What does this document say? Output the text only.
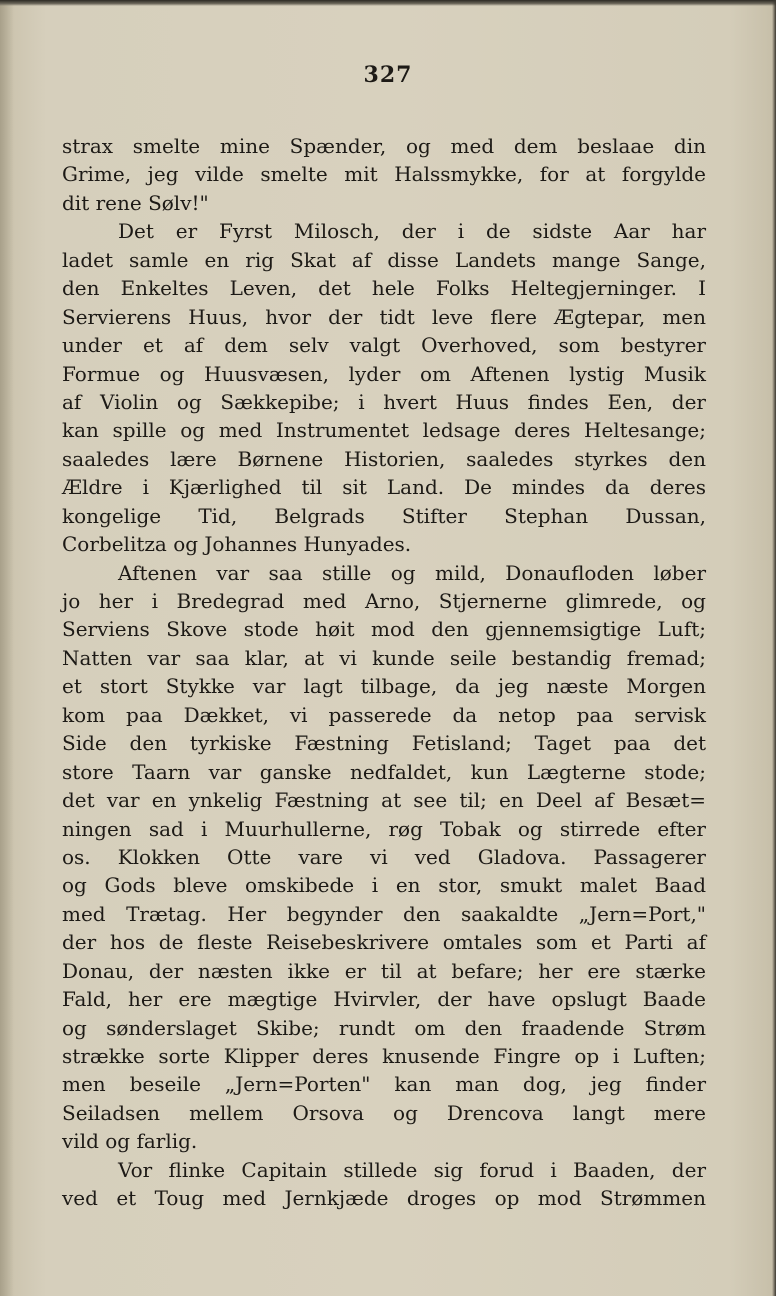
327
strax smelte mine Spænder, og med dem beslaae din
Grime, jeg vilde smelte mit Halssmykke, for at forgylde
dit rene Sølv!"
Det er Fyrst Milosch, der i de sidste Aar har
ladet samle en rig Skat af disse Landets mange Sange,
den Enkeltes Leven, det hele Folks Heltegjerninger. I
Servierens Huus, hvor der tidt leve flere Ægtepar, men
under et af dem selv valgt Overhoved, som bestyrer
Formue og Huusvæsen, lyder om Aftenen lystig Musik
af Violin og Sækkepibe; i hvert Huus findes Een, der
kan spille og med Instrumentet ledsage deres Heltesange;
saaledes lære Børnene Historien, saaledes styrkes den
Ældre i Kjærlighed til sit Land. De mindes da deres
kongelige Tid, Belgrads Stifter Stephan Dussan,
Corbelitza og Johannes Hunyades.
Aftenen var saa stille og mild, Donaufloden løber
jo her i Bredegrad med Arno, Stjernerne glimrede, og
Serviens Skove stode høit mod den gjennemsigtige Luft;
Natten var saa klar, at vi kunde seile bestandig fremad;
et stort Stykke var lagt tilbage, da jeg næste Morgen
kom paa Dækket, vi passerede da netop paa servisk
Side den tyrkiske Fæstning Fetisland; Taget paa det
store Taarn var ganske nedfaldet, kun Lægterne stode;
det var en ynkelig Fæstning at see til; en Deel af Besæt=
ningen sad i Muurhullerne, røg Tobak og stirrede efter
os. Klokken Otte vare vi ved Gladova. Passagerer
og Gods bleve omskibede i en stor, smukt malet Baad
med Trætag. Her begynder den saakaldte „Jern=Port,"
der hos de fleste Reisebeskrivere omtales som et Parti af
Donau, der næsten ikke er til at befare; her ere stærke
Fald, her ere mægtige Hvirvler, der have opslugt Baade
og sønderslaget Skibe; rundt om den fraadende Strøm
strække sorte Klipper deres knusende Fingre op i Luften;
men beseile „Jern=Porten" kan man dog, jeg finder
Seiladsen mellem Orsova og Drencova langt mere
vild og farlig.
Vor flinke Capitain stillede sig forud i Baaden, der
ved et Toug med Jernkjæde droges op mod Strømmen
